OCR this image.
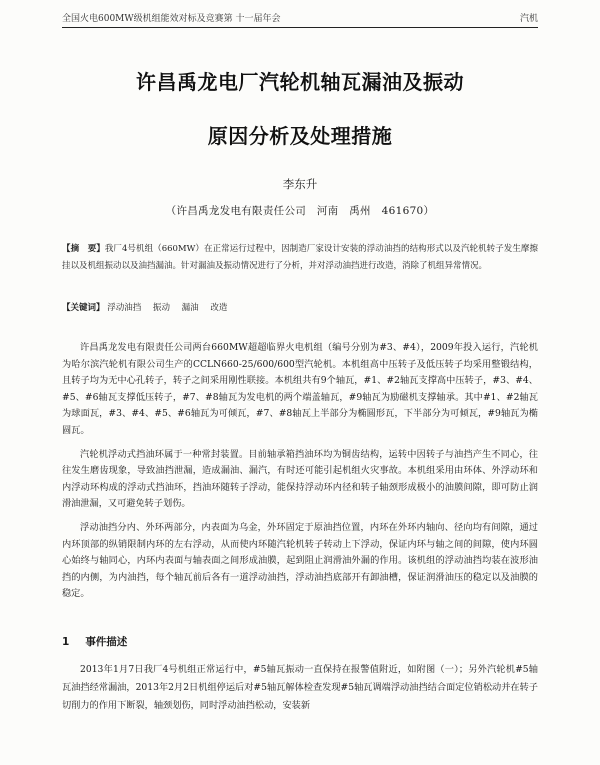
全国火电600MW级机组能效对标及竞赛第 十一届年会	汽机
许昌禹龙电厂汽轮机轴瓦漏油及振动
原因分析及处理措施
李东升
（许昌禹龙发电有限责任公司　河南　禹州　461670）
【摘　要】我厂4号机组（660MW）在正常运行过程中，因制造厂家设计安装的浮动油挡的结构形式以及汽轮机转子发生摩擦挂以及机组振动以及油挡漏油。针对漏油及振动情况进行了分析，并对浮动油挡进行改造，消除了机组异常情况。
【关键词】 浮动油挡 振动 漏油 改造

许昌禹龙发电有限责任公司两台660MW超超临界火电机组（编号分别为#3、#4），2009年投入运行，汽轮机为哈尔滨汽轮机有限公司生产的CCLN660-25/600/600型汽轮机。本机组高中压转子及低压转子均采用整锻结构，且转子均为无中心孔转子，转子之间采用刚性联接。本机组共有9个轴瓦，#1、#2轴瓦支撑高中压转子，#3、#4、#5、#6轴瓦支撑低压转子，#7、#8轴瓦为发电机的两个端盖轴瓦，#9轴瓦为励磁机支撑轴承。其中#1、#2轴瓦为球面瓦，#3、#4、#5、#6轴瓦为可倾瓦，#7、#8轴瓦上半部分为椭圆形瓦，下半部分为可倾瓦，#9轴瓦为椭圆瓦。

汽轮机浮动式挡油环属于一种常封装置。目前轴承箱挡油环均为铜齿结构，运转中因转子与油挡产生不同心，往往发生磨齿现象，导致油挡泄漏，造成漏油、漏汽，有时还可能引起机组火灾事故。本机组采用由环体、外浮动环和内浮动环构成的浮动式挡油环，挡油环随转子浮动，能保持浮动环内径和转子轴颈形成极小的油膜间隙，即可防止润滑油泄漏，又可避免转子划伤。

浮动油挡分内、外环两部分，内表面为乌金，外环固定于原油挡位置，内环在外环内轴向、径向均有间隙，通过内环顶部的纵销限制内环的左右浮动，从而使内环随汽轮机转子转动上下浮动，保证内环与轴之间的间隙，使内环圆心始终与轴同心，内环内表面与轴表面之间形成油膜，起到阻止润滑油外漏的作用。该机组的浮动油挡均装在波形油挡的内侧，为内油挡，每个轴瓦前后各有一道浮动油挡，浮动油挡底部开有卸油槽，保证润滑油压的稳定以及油膜的稳定。

1 事件描述

2013年1月7日我厂4号机组正常运行中，#5轴瓦振动一直保持在报警值附近，如附图（一）；另外汽轮机#5轴瓦油挡经常漏油，2013年2月2日机组停运后对#5轴瓦解体检查发现#5轴瓦调端浮动油挡结合面定位销松动并在转子切削力的作用下断裂，轴颈划伤，同时浮动油挡松动，安装新
